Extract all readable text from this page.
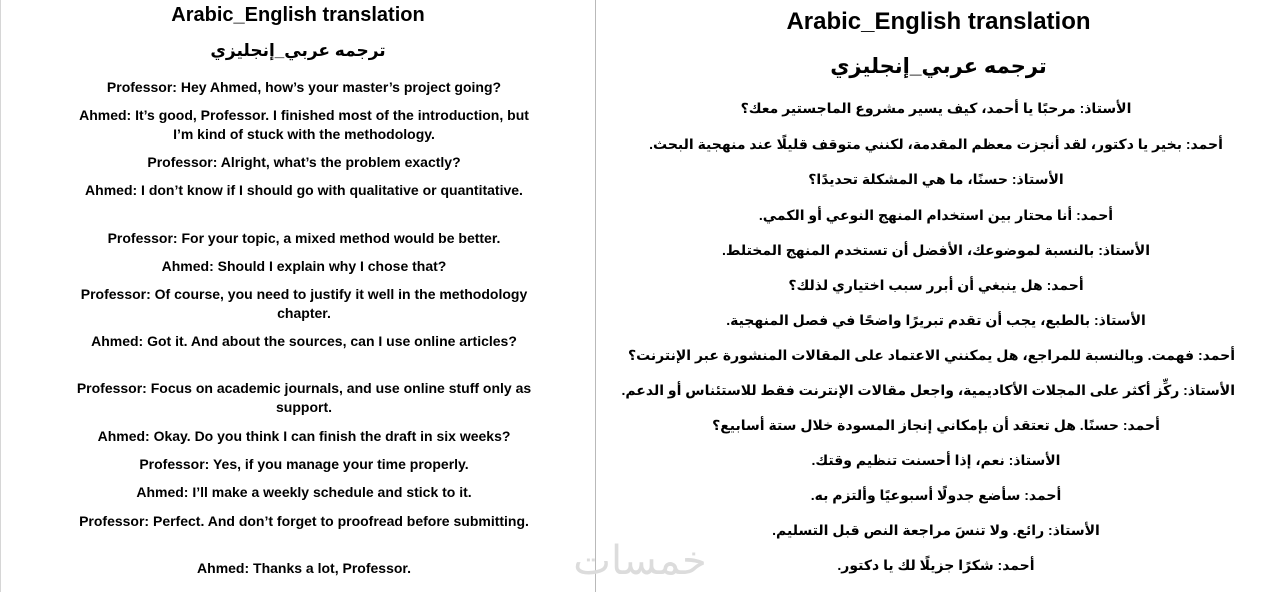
Arabic_English translation
ترجمه عربي_إنجليزي

Professor: Hey Ahmed, how’s your master’s project going?

Ahmed: It’s good, Professor. I finished most of the introduction, but I’m kind of stuck with the methodology.

Professor: Alright, what’s the problem exactly?

Ahmed: I don’t know if I should go with qualitative or quantitative.

Professor: For your topic, a mixed method would be better.

Ahmed: Should I explain why I chose that?

Professor: Of course, you need to justify it well in the methodology chapter.

Ahmed: Got it. And about the sources, can I use online articles?

Professor: Focus on academic journals, and use online stuff only as support.

Ahmed: Okay. Do you think I can finish the draft in six weeks?

Professor: Yes, if you manage your time properly.

Ahmed: I’ll make a weekly schedule and stick to it.

Professor: Perfect. And don’t forget to proofread before submitting.

Ahmed: Thanks a lot, Professor.

Arabic_English translation
ترجمه عربي_إنجليزي

الأستاذ: مرحبًا يا أحمد، كيف يسير مشروع الماجستير معك؟

أحمد: بخير يا دكتور، لقد أنجزت معظم المقدمة، لكنني متوقف قليلًا عند منهجية البحث.

الأستاذ: حسنًا، ما هي المشكلة تحديدًا؟

أحمد: أنا محتار بين استخدام المنهج النوعي أو الكمي.

الأستاذ: بالنسبة لموضوعك، الأفضل أن تستخدم المنهج المختلط.

أحمد: هل ينبغي أن أبرر سبب اختياري لذلك؟

الأستاذ: بالطبع، يجب أن تقدم تبريرًا واضحًا في فصل المنهجية.

أحمد: فهمت. وبالنسبة للمراجع، هل يمكنني الاعتماد على المقالات المنشورة عبر الإنترنت؟

الأستاذ: ركِّز أكثر على المجلات الأكاديمية، واجعل مقالات الإنترنت فقط للاستئناس أو الدعم.

أحمد: حسنًا. هل تعتقد أن بإمكاني إنجاز المسودة خلال ستة أسابيع؟

الأستاذ: نعم، إذا أحسنت تنظيم وقتك.

أحمد: سأضع جدولًا أسبوعيًا وألتزم به.

الأستاذ: رائع. ولا تنسَ مراجعة النص قبل التسليم.

أحمد: شكرًا جزيلًا لك يا دكتور.

خمسات
